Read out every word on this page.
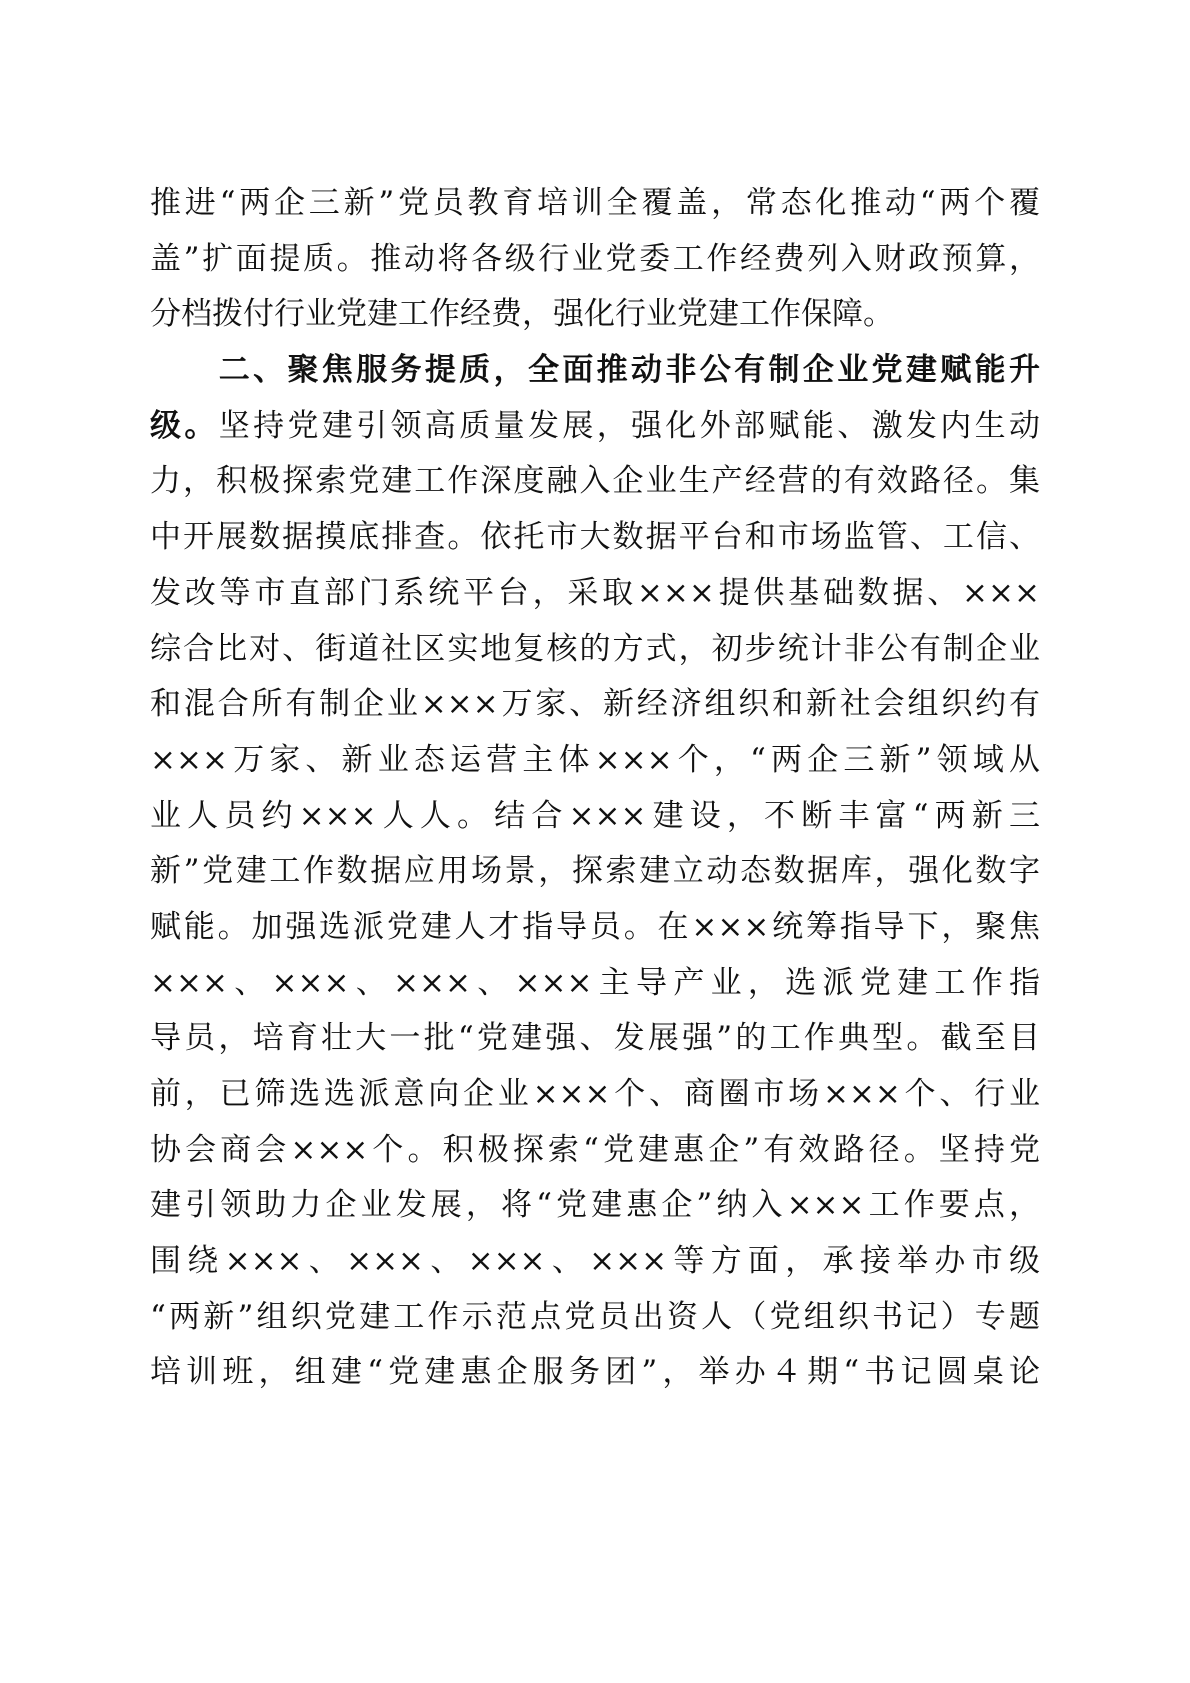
推进“两企三新”党员教育培训全覆盖，常态化推动“两个覆
盖”扩面提质。推动将各级行业党委工作经费列入财政预算，
分档拨付行业党建工作经费，强化行业党建工作保障。
　　二、聚焦服务提质，全面推动非公有制企业党建赋能升
级。坚持党建引领高质量发展，强化外部赋能、激发内生动
力，积极探索党建工作深度融入企业生产经营的有效路径。集
中开展数据摸底排查。依托市大数据平台和市场监管、工信、
发改等市直部门系统平台，采取×××提供基础数据、×××
综合比对、街道社区实地复核的方式，初步统计非公有制企业
和混合所有制企业×××万家、新经济组织和新社会组织约有
×××万家、新业态运营主体×××个，“两企三新”领域从
业人员约×××人人。结合×××建设，不断丰富“两新三
新”党建工作数据应用场景，探索建立动态数据库，强化数字
赋能。加强选派党建人才指导员。在×××统筹指导下，聚焦
×××、×××、×××、×××主导产业，选派党建工作指
导员，培育壮大一批“党建强、发展强”的工作典型。截至目
前，已筛选选派意向企业×××个、商圈市场×××个、行业
协会商会×××个。积极探索“党建惠企”有效路径。坚持党
建引领助力企业发展，将“党建惠企”纳入×××工作要点，
围绕×××、×××、×××、×××等方面，承接举办市级
“两新”组织党建工作示范点党员出资人（党组织书记）专题
培训班，组建“党建惠企服务团”，举办４期“书记圆桌论
